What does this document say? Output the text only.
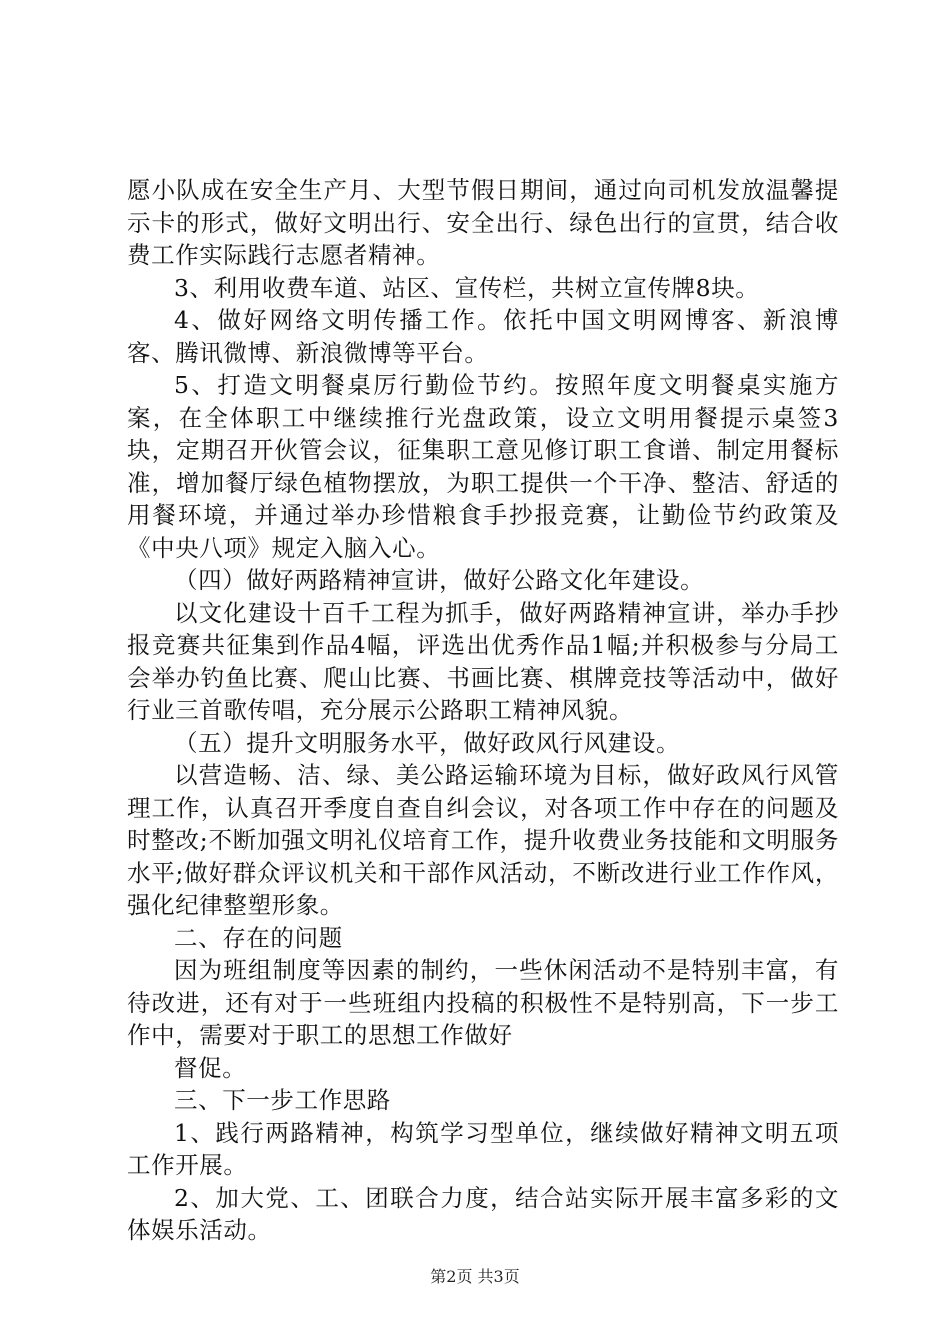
愿小队成在安全生产月、大型节假日期间，通过向司机发放温馨提示卡的形式，做好文明出行、安全出行、绿色出行的宣贯，结合收费工作实际践行志愿者精神。

3、利用收费车道、站区、宣传栏，共树立宣传牌8块。

4、做好网络文明传播工作。依托中国文明网博客、新浪博客、腾讯微博、新浪微博等平台。

5、打造文明餐桌厉行勤俭节约。按照年度文明餐桌实施方案，在全体职工中继续推行光盘政策，设立文明用餐提示桌签3块，定期召开伙管会议，征集职工意见修订职工食谱、制定用餐标准，增加餐厅绿色植物摆放，为职工提供一个干净、整洁、舒适的用餐环境，并通过举办珍惜粮食手抄报竞赛，让勤俭节约政策及《中央八项》规定入脑入心。

（四）做好两路精神宣讲，做好公路文化年建设。

以文化建设十百千工程为抓手，做好两路精神宣讲，举办手抄报竞赛共征集到作品4幅，评选出优秀作品1幅;并积极参与分局工会举办钓鱼比赛、爬山比赛、书画比赛、棋牌竞技等活动中，做好行业三首歌传唱，充分展示公路职工精神风貌。

（五）提升文明服务水平，做好政风行风建设。

以营造畅、洁、绿、美公路运输环境为目标，做好政风行风管理工作，认真召开季度自查自纠会议，对各项工作中存在的问题及时整改;不断加强文明礼仪培育工作，提升收费业务技能和文明服务水平;做好群众评议机关和干部作风活动，不断改进行业工作作风，强化纪律整塑形象。

二、存在的问题

因为班组制度等因素的制约，一些休闲活动不是特别丰富，有待改进，还有对于一些班组内投稿的积极性不是特别高，下一步工作中，需要对于职工的思想工作做好

督促。

三、下一步工作思路

1、践行两路精神，构筑学习型单位，继续做好精神文明五项工作开展。

2、加大党、工、团联合力度，结合站实际开展丰富多彩的文体娱乐活动。

第2页 共3页
